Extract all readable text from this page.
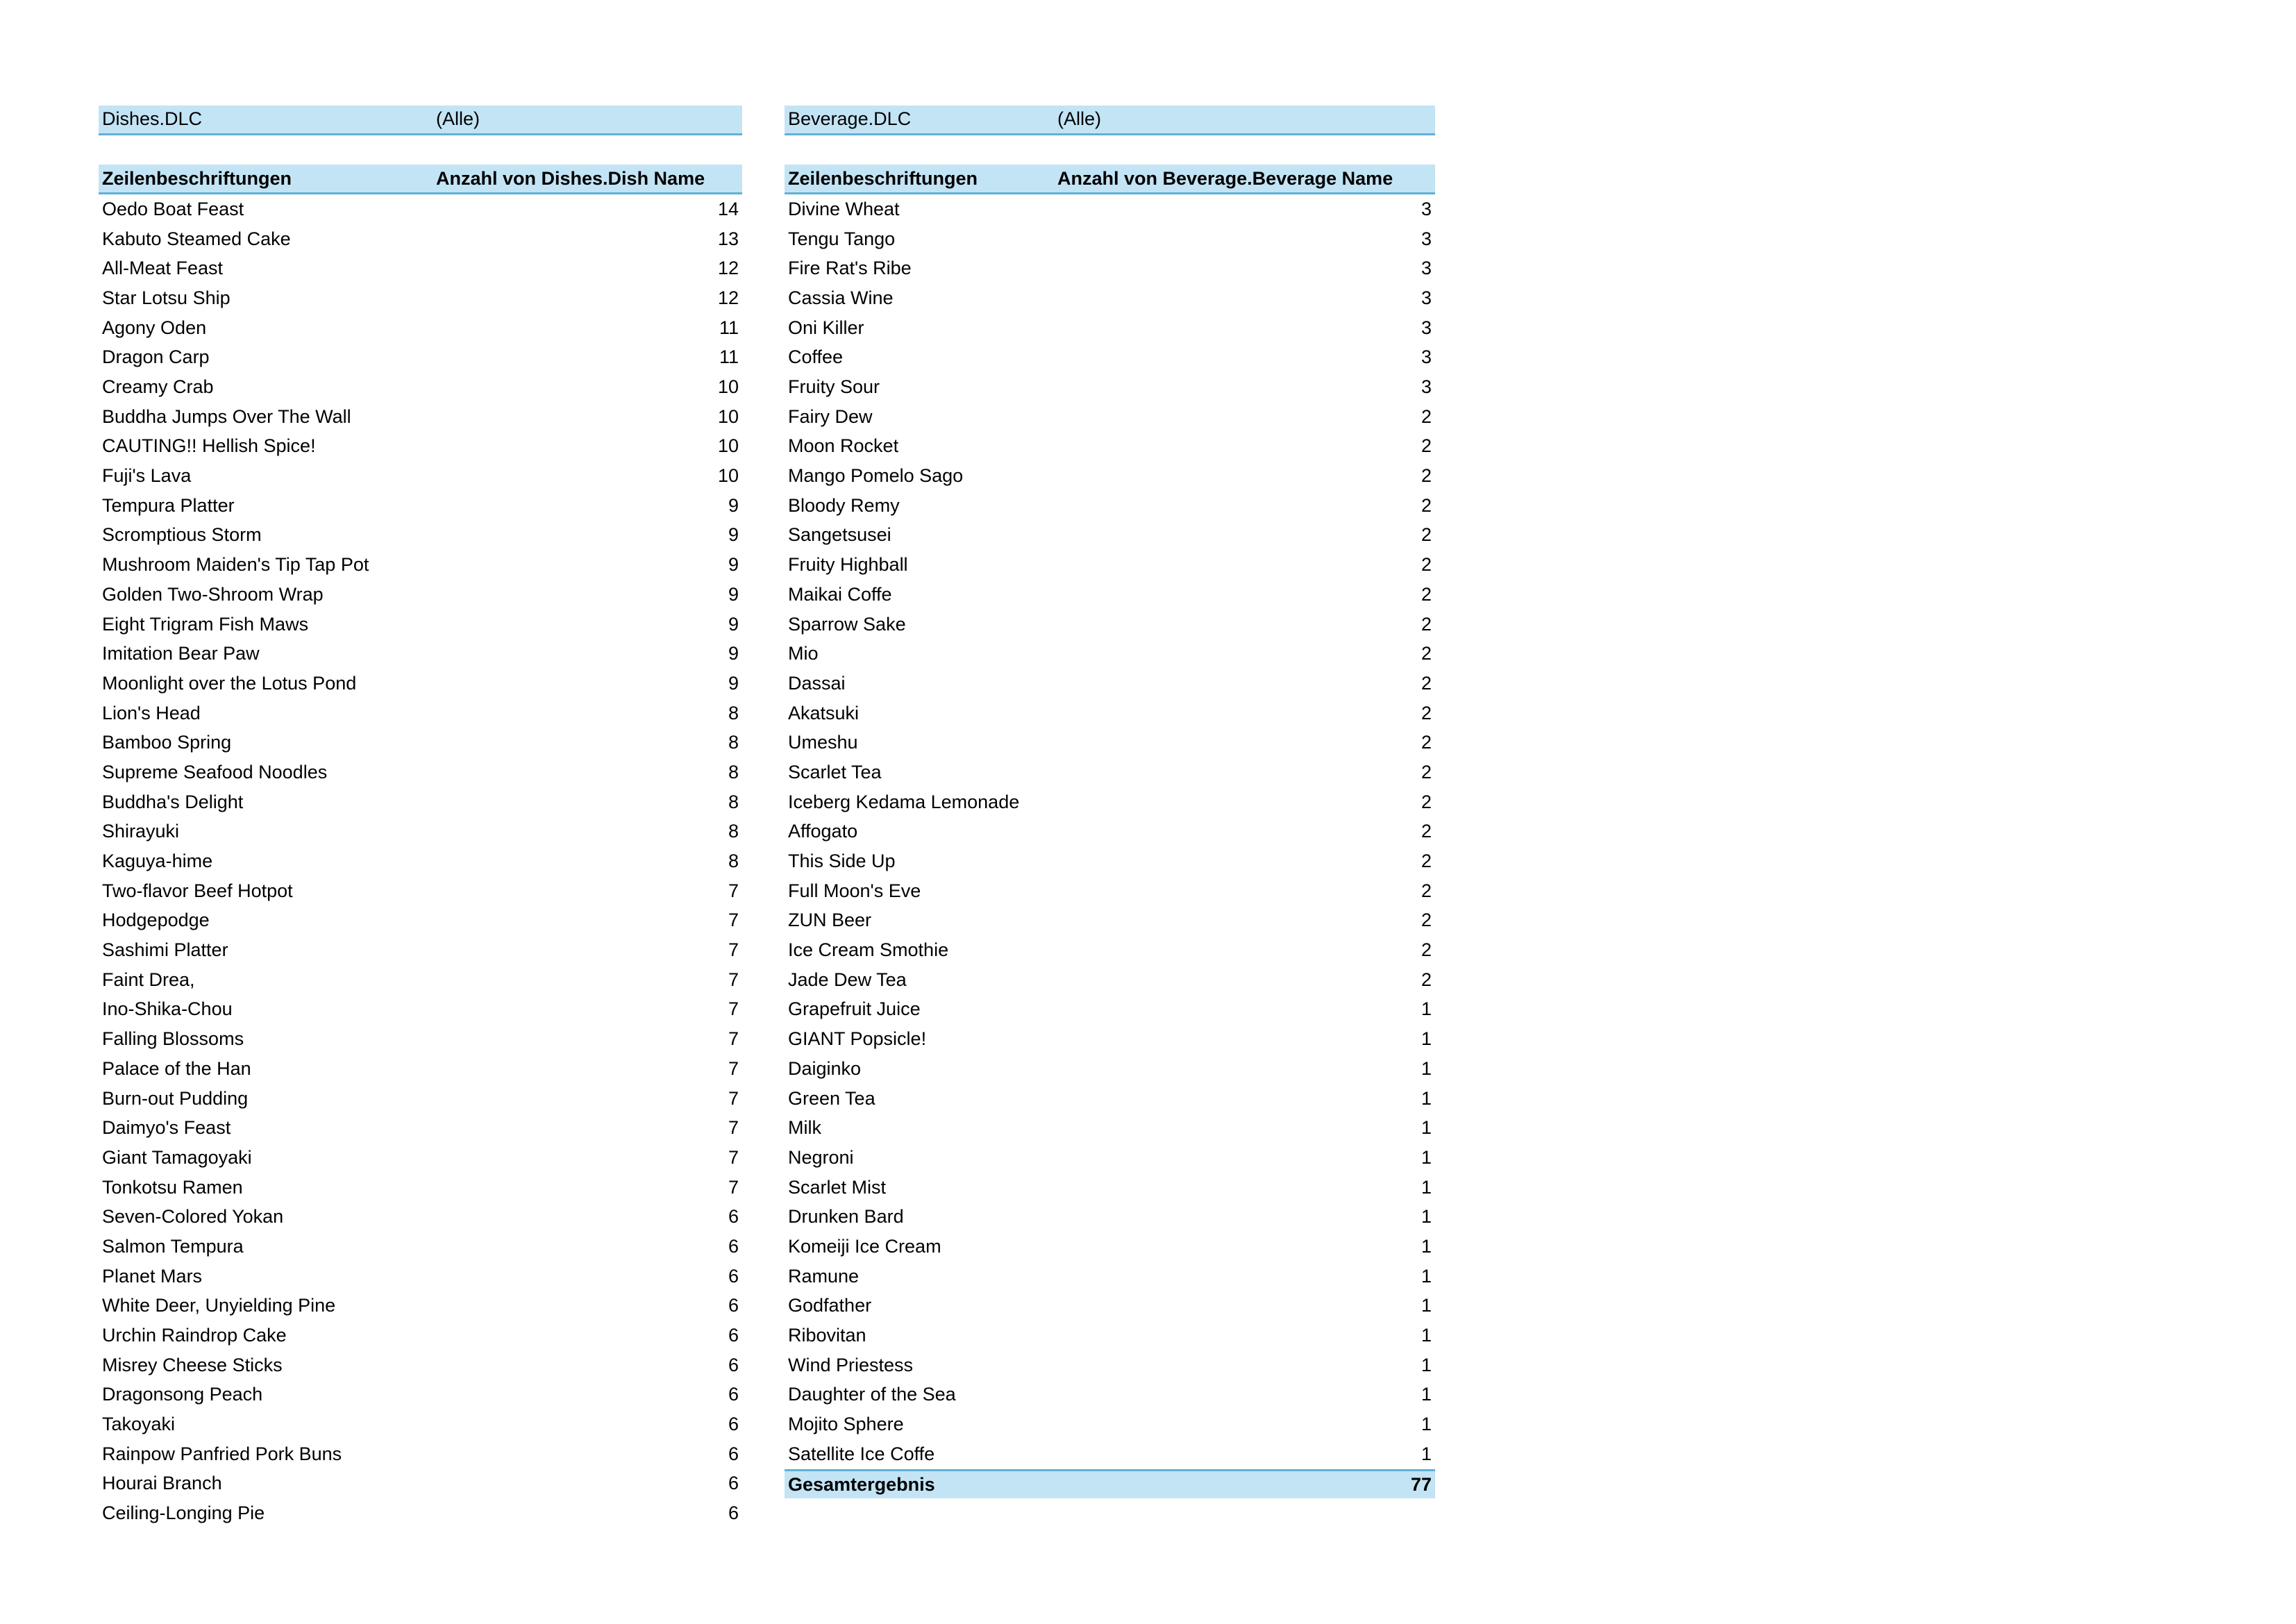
Dishes.DLC	(Alle)
Zeilenbeschriftungen	Anzahl von Dishes.Dish Name
Oedo Boat Feast	14
Kabuto Steamed Cake	13
All-Meat Feast	12
Star Lotsu Ship	12
Agony Oden	11
Dragon Carp	11
Creamy Crab	10
Buddha Jumps Over The Wall	10
CAUTING!! Hellish Spice!	10
Fuji's Lava	10
Tempura Platter	9
Scromptious Storm	9
Mushroom Maiden's Tip Tap Pot	9
Golden Two-Shroom Wrap	9
Eight Trigram Fish Maws	9
Imitation Bear Paw	9
Moonlight over the Lotus Pond	9
Lion's Head	8
Bamboo Spring	8
Supreme Seafood Noodles	8
Buddha's Delight	8
Shirayuki	8
Kaguya-hime	8
Two-flavor Beef Hotpot	7
Hodgepodge	7
Sashimi Platter	7
Faint Drea,	7
Ino-Shika-Chou	7
Falling Blossoms	7
Palace of the Han	7
Burn-out Pudding	7
Daimyo's Feast	7
Giant Tamagoyaki	7
Tonkotsu Ramen	7
Seven-Colored Yokan	6
Salmon Tempura	6
Planet Mars	6
White Deer, Unyielding Pine	6
Urchin Raindrop Cake	6
Misrey Cheese Sticks	6
Dragonsong Peach	6
Takoyaki	6
Rainpow Panfried Pork Buns	6
Hourai Branch	6
Ceiling-Longing Pie	6
Beverage.DLC	(Alle)
Zeilenbeschriftungen	Anzahl von Beverage.Beverage Name
Divine Wheat	3
Tengu Tango	3
Fire Rat's Ribe	3
Cassia Wine	3
Oni Killer	3
Coffee	3
Fruity Sour	3
Fairy Dew	2
Moon Rocket	2
Mango Pomelo Sago	2
Bloody Remy	2
Sangetsusei	2
Fruity Highball	2
Maikai Coffe	2
Sparrow Sake	2
Mio	2
Dassai	2
Akatsuki	2
Umeshu	2
Scarlet Tea	2
Iceberg Kedama Lemonade	2
Affogato	2
This Side Up	2
Full Moon's Eve	2
ZUN Beer	2
Ice Cream Smothie	2
Jade Dew Tea	2
Grapefruit Juice	1
GIANT Popsicle!	1
Daiginko	1
Green Tea	1
Milk	1
Negroni	1
Scarlet Mist	1
Drunken Bard	1
Komeiji Ice Cream	1
Ramune	1
Godfather	1
Ribovitan	1
Wind Priestess	1
Daughter of the Sea	1
Mojito Sphere	1
Satellite Ice Coffe	1
Gesamtergebnis	77
